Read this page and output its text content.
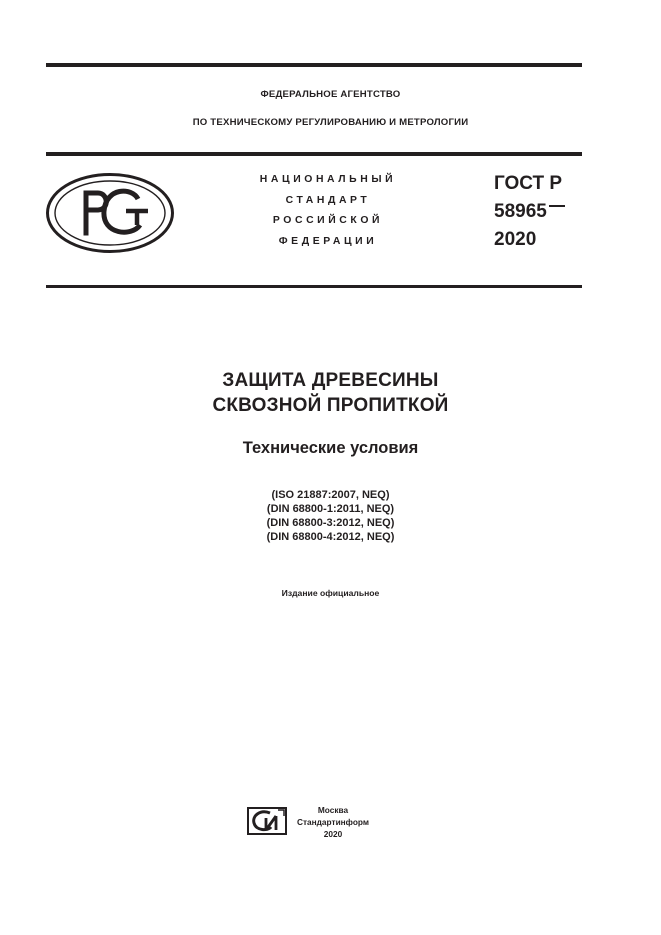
ФЕДЕРАЛЬНОЕ АГЕНТСТВО
ПО ТЕХНИЧЕСКОМУ РЕГУЛИРОВАНИЮ И МЕТРОЛОГИИ
НАЦИОНАЛЬНЫЙ
СТАНДАРТ
РОССИЙСКОЙ
ФЕДЕРАЦИИ
ГОСТ Р
58965
2020
ЗАЩИТА ДРЕВЕСИНЫ
СКВОЗНОЙ ПРОПИТКОЙ
Технические условия
(ISO 21887:2007, NEQ)
(DIN 68800-1:2011, NEQ)
(DIN 68800-3:2012, NEQ)
(DIN 68800-4:2012, NEQ)
Издание официальное
Москва
Стандартинформ
2020
